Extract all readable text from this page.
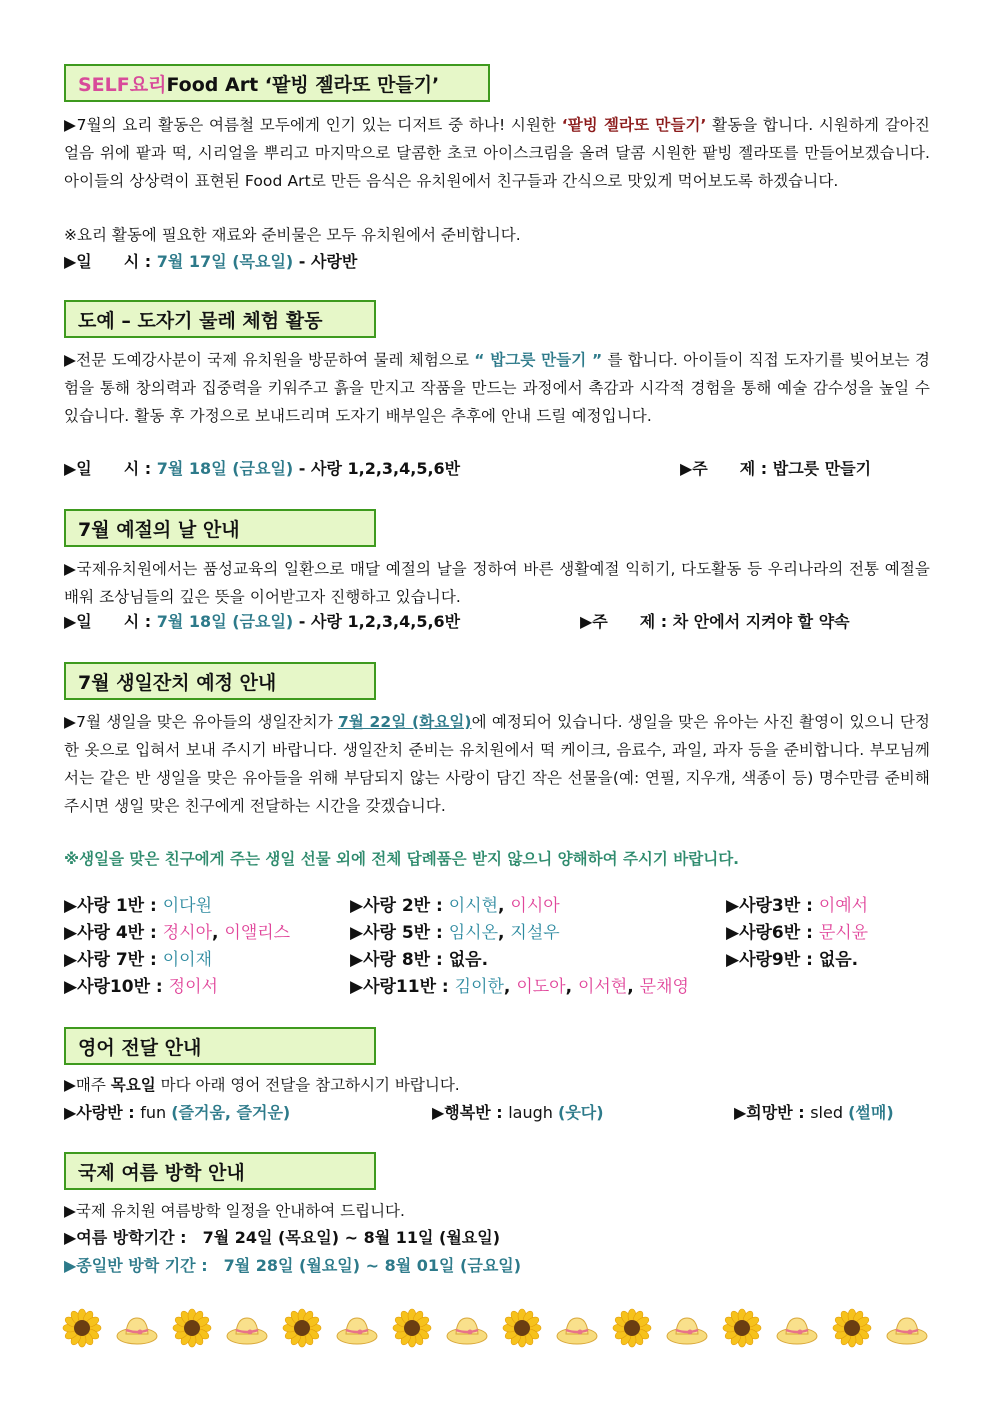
SELF요리 Food Art ‘팥빙 젤라또 만들기’
▶7월의 요리 활동은 여름철 모두에게 인기 있는 디저트 중 하나! 시원한 ‘팥빙 젤라또 만들기’ 활동을 합니다. 시원하게 갈아진 얼음 위에 팥과 떡, 시리얼을 뿌리고 마지막으로 달콤한 초코 아이스크림을 올려 달콤 시원한 팥빙 젤라또를 만들어보겠습니다. 아이들의 상상력이 표현된 Food Art로 만든 음식은 유치원에서 친구들과 간식으로 맛있게 먹어보도록 하겠습니다.
※요리 활동에 필요한 재료와 준비물은 모두 유치원에서 준비합니다.
▶일　　시 : 7월 17일 (목요일) - 사랑반
도예 – 도자기 물레 체험 활동
▶전문 도예강사분이 국제 유치원을 방문하여 물레 체험으로 “ 밥그릇 만들기 ” 를 합니다. 아이들이 직접 도자기를 빚어보는 경험을 통해 창의력과 집중력을 키워주고 흙을 만지고 작품을 만드는 과정에서 촉감과 시각적 경험을 통해 예술 감수성을 높일 수 있습니다. 활동 후 가정으로 보내드리며 도자기 배부일은 추후에 안내 드릴 예정입니다.
▶일　　시 : 7월 18일 (금요일) - 사랑 1,2,3,4,5,6반	▶주　　제 : 밥그릇 만들기
7월 예절의 날 안내
▶국제유치원에서는 품성교육의 일환으로 매달 예절의 날을 정하여 바른 생활예절 익히기, 다도활동 등 우리나라의 전통 예절을 배워 조상님들의 깊은 뜻을 이어받고자 진행하고 있습니다.
▶일　　시 : 7월 18일 (금요일) - 사랑 1,2,3,4,5,6반	▶주　　제 : 차 안에서 지켜야 할 약속
7월 생일잔치 예정 안내
▶7월 생일을 맞은 유아들의 생일잔치가 7월 22일 (화요일)에 예정되어 있습니다. 생일을 맞은 유아는 사진 촬영이 있으니 단정한 옷으로 입혀서 보내 주시기 바랍니다. 생일잔치 준비는 유치원에서 떡 케이크, 음료수, 과일, 과자 등을 준비합니다. 부모님께서는 같은 반 생일을 맞은 유아들을 위해 부담되지 않는 사랑이 담긴 작은 선물을(예: 연필, 지우개, 색종이 등) 명수만큼 준비해 주시면 생일 맞은 친구에게 전달하는 시간을 갖겠습니다.
※생일을 맞은 친구에게 주는 생일 선물 외에 전체 답례품은 받지 않으니 양해하여 주시기 바랍니다.
▶사랑 1반 : 이다원	▶사랑 2반 : 이시현, 이시아	▶사랑3반 : 이예서
▶사랑 4반 : 정시아, 이앨리스	▶사랑 5반 : 임시온, 지설우	▶사랑6반 : 문시윤
▶사랑 7반 : 이이재	▶사랑 8반 : 없음.	▶사랑9반 : 없음.
▶사랑10반 : 정이서	▶사랑11반 : 김이한, 이도아, 이서현, 문채영
영어 전달 안내
▶매주 목요일 마다 아래 영어 전달을 참고하시기 바랍니다.
▶사랑반 : fun (즐거움, 즐거운)	▶행복반 : laugh (웃다)	▶희망반 : sled (썰매)
국제 여름 방학 안내
▶국제 유치원 여름방학 일정을 안내하여 드립니다.
▶여름 방학기간 :　7월 24일 (목요일) ~ 8월 11일 (월요일)
▶종일반 방학 기간 :　7월 28일 (월요일) ~ 8월 01일 (금요일)
